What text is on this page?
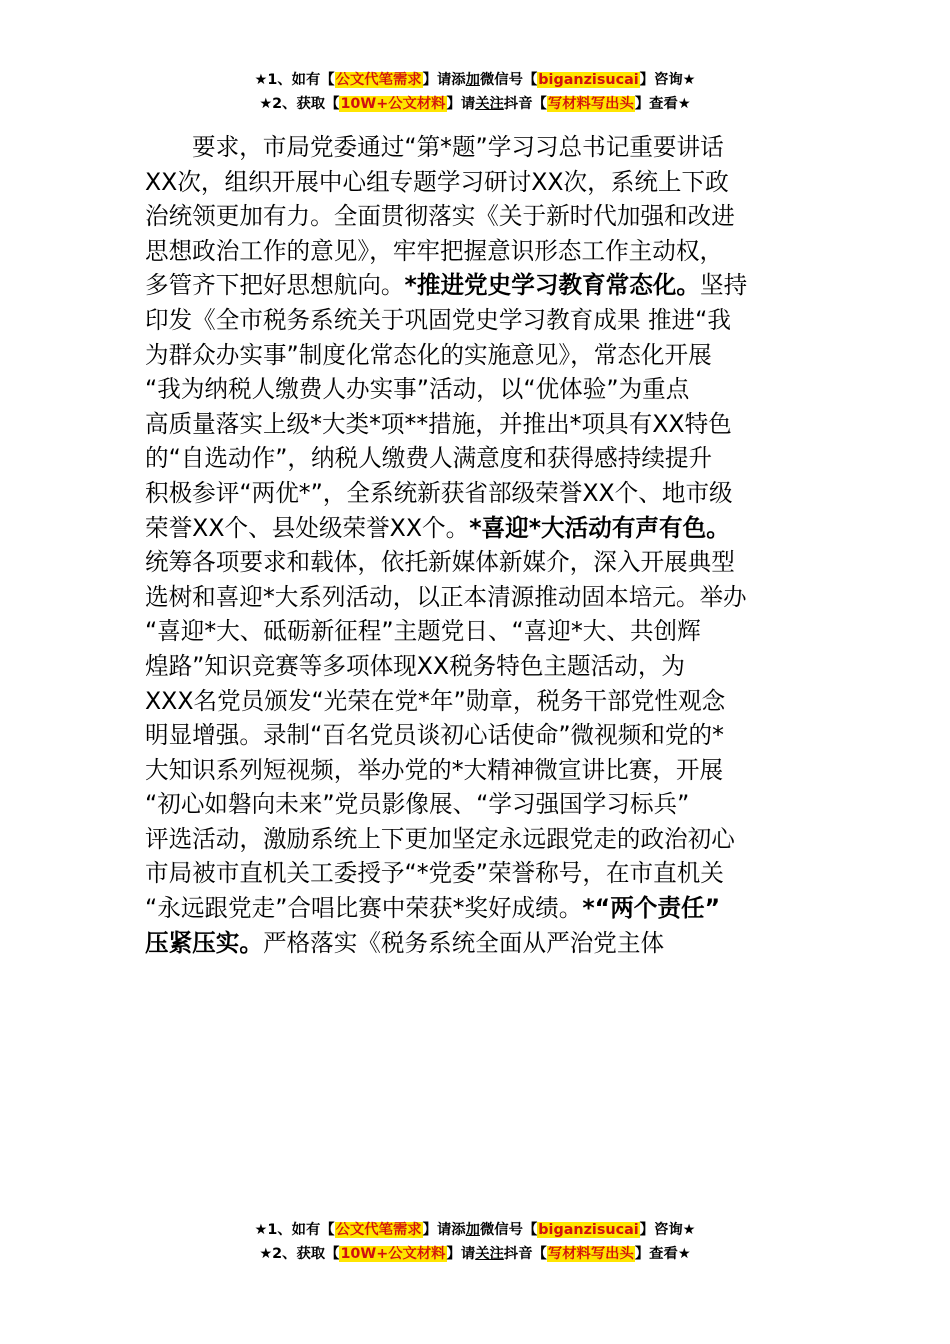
★1、如有【公文代笔需求】请添加微信号【biganzisucai】咨询★
★2、获取【10W+公文材料】请关注抖音【写材料写出头】查看★
要求，市局党委通过“第*题”学习习总书记重要讲话
XX次，组织开展中心组专题学习研讨XX次，系统上下政
治统领更加有力。全面贯彻落实《关于新时代加强和改进
思想政治工作的意见》，牢牢把握意识形态工作主动权，
多管齐下把好思想航向。*推进党史学习教育常态化。坚持
印发《全市税务系统关于巩固党史学习教育成果 推进“我
为群众办实事”制度化常态化的实施意见》，常态化开展
“我为纳税人缴费人办实事”活动，以“优体验”为重点
高质量落实上级*大类*项**措施，并推出*项具有XX特色
的“自选动作”，纳税人缴费人满意度和获得感持续提升
积极参评“两优*”，全系统新获省部级荣誉XX个、地市级
荣誉XX个、县处级荣誉XX个。*喜迎*大活动有声有色。
统筹各项要求和载体，依托新媒体新媒介，深入开展典型
选树和喜迎*大系列活动，以正本清源推动固本培元。举办
“喜迎*大、砥砺新征程”主题党日、“喜迎*大、共创辉
煌路”知识竞赛等多项体现XX税务特色主题活动，为
XXX名党员颁发“光荣在党*年”勋章，税务干部党性观念
明显增强。录制“百名党员谈初心话使命”微视频和党的*
大知识系列短视频，举办党的*大精神微宣讲比赛，开展
“初心如磐向未来”党员影像展、“学习强国学习标兵”
评选活动，激励系统上下更加坚定永远跟党走的政治初心
市局被市直机关工委授予“*党委”荣誉称号，在市直机关
“永远跟党走”合唱比赛中荣获*奖好成绩。*“两个责任”
压紧压实。严格落实《税务系统全面从严治党主体
★1、如有【公文代笔需求】请添加微信号【biganzisucai】咨询★
★2、获取【10W+公文材料】请关注抖音【写材料写出头】查看★
